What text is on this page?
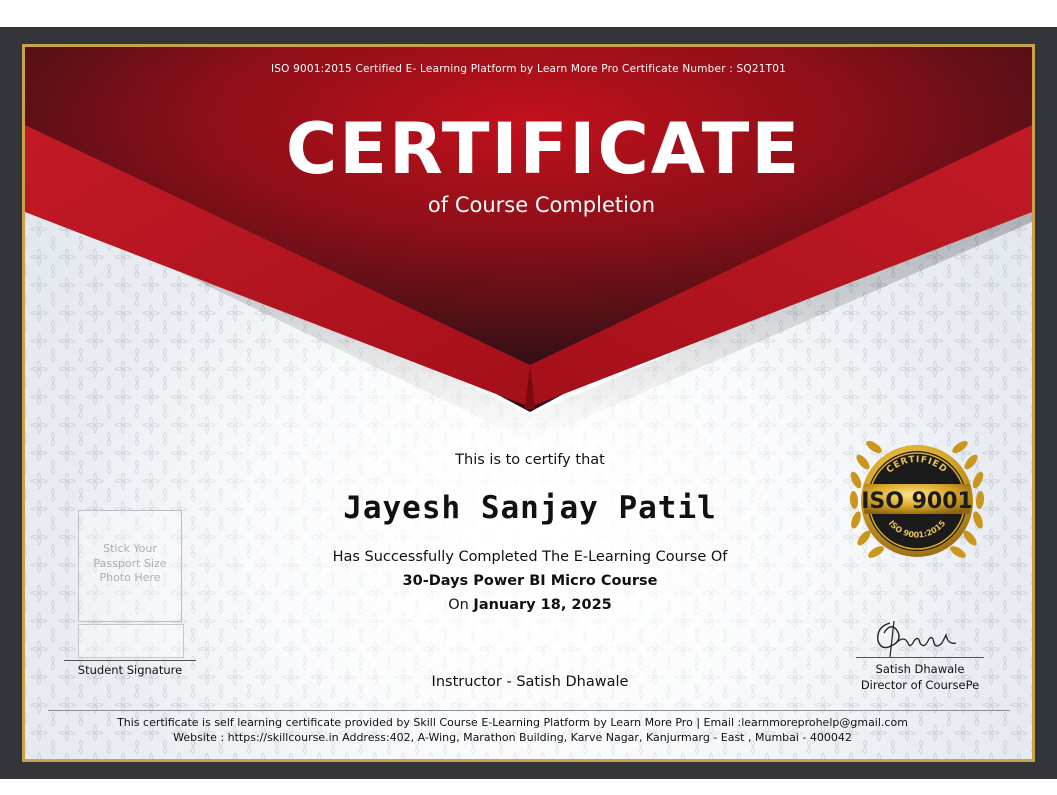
ISO 9001:2015 Certified E- Learning Platform by Learn More Pro Certificate Number : SQ21T01
CERTIFICATE
of Course Completion
This is to certify that
Jayesh Sanjay Patil
Has Successfully Completed The E-Learning Course Of
30-Days Power BI Micro Course
On January 18, 2025
Instructor - Satish Dhawale
Stick Your
Passport Size
Photo Here
Student Signature	Satish Dhawale
Director of CoursePe
CERTIFIED
ISO 9001
ISO 9001:2015
This certificate is self learning certificate provided by Skill Course E-Learning Platform by Learn More Pro | Email :learnmoreprohelp@gmail.com
Website : https://skillcourse.in Address:402, A-Wing, Marathon Building, Karve Nagar, Kanjurmarg - East , Mumbai - 400042
